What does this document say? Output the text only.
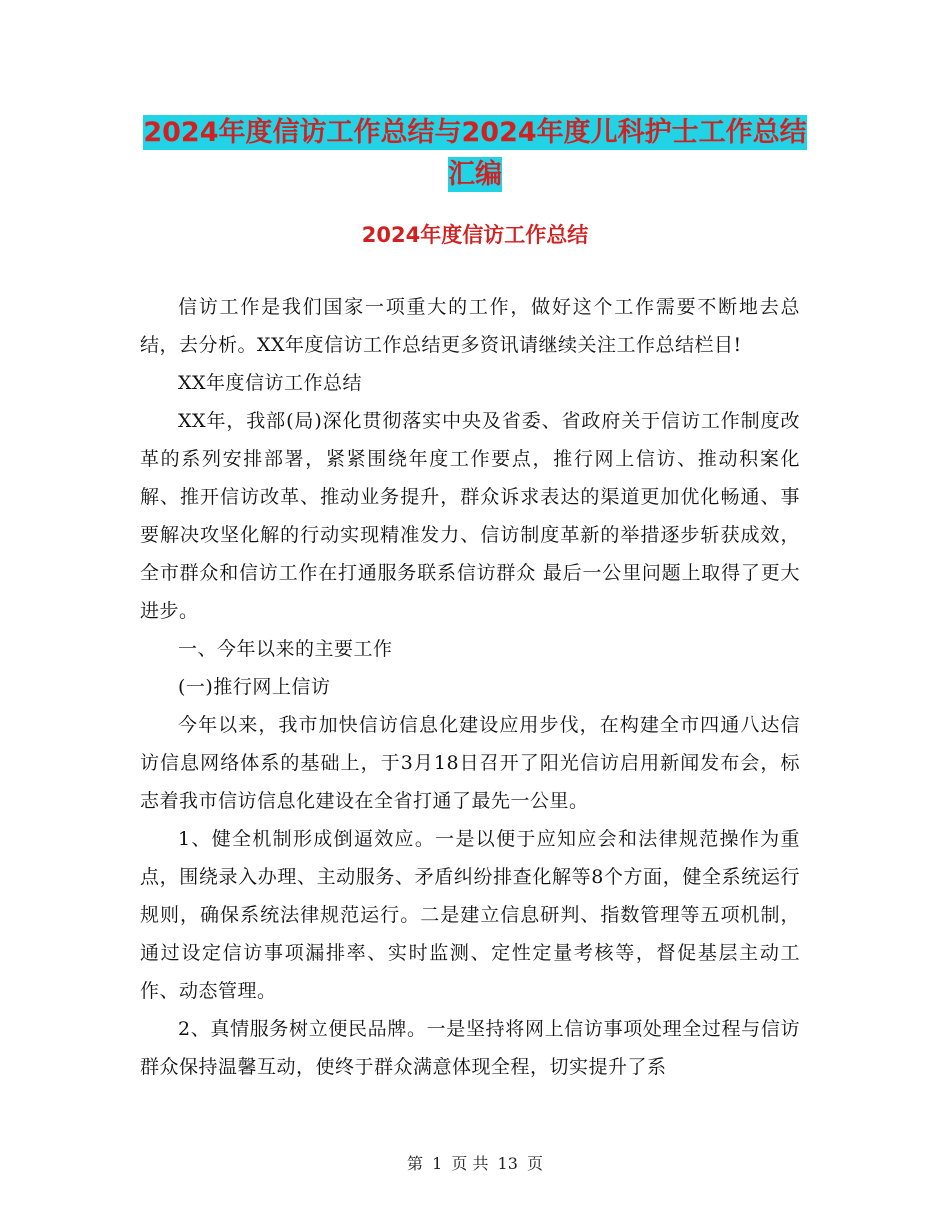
2024年度信访工作总结与2024年度儿科护士工作总结
汇编
2024年度信访工作总结

信访工作是我们国家一项重大的工作，做好这个工作需要不断地去总结，去分析。XX年度信访工作总结更多资讯请继续关注工作总结栏目!

XX年度信访工作总结

XX年，我部(局)深化贯彻落实中央及省委、省政府关于信访工作制度改革的系列安排部署，紧紧围绕年度工作要点，推行网上信访、推动积案化解、推开信访改革、推动业务提升，群众诉求表达的渠道更加优化畅通、事要解决攻坚化解的行动实现精准发力、信访制度革新的举措逐步斩获成效，全市群众和信访工作在打通服务联系信访群众 最后一公里问题上取得了更大进步。

一、今年以来的主要工作

(一)推行网上信访

今年以来，我市加快信访信息化建设应用步伐，在构建全市四通八达信访信息网络体系的基础上，于3月18日召开了阳光信访启用新闻发布会，标志着我市信访信息化建设在全省打通了最先一公里。

1、健全机制形成倒逼效应。一是以便于应知应会和法律规范操作为重点，围绕录入办理、主动服务、矛盾纠纷排查化解等8个方面，健全系统运行规则，确保系统法律规范运行。二是建立信息研判、指数管理等五项机制，通过设定信访事项漏排率、实时监测、定性定量考核等，督促基层主动工作、动态管理。

2、真情服务树立便民品牌。一是坚持将网上信访事项处理全过程与信访群众保持温馨互动，使终于群众满意体现全程，切实提升了系

第 1 页 共 13 页
